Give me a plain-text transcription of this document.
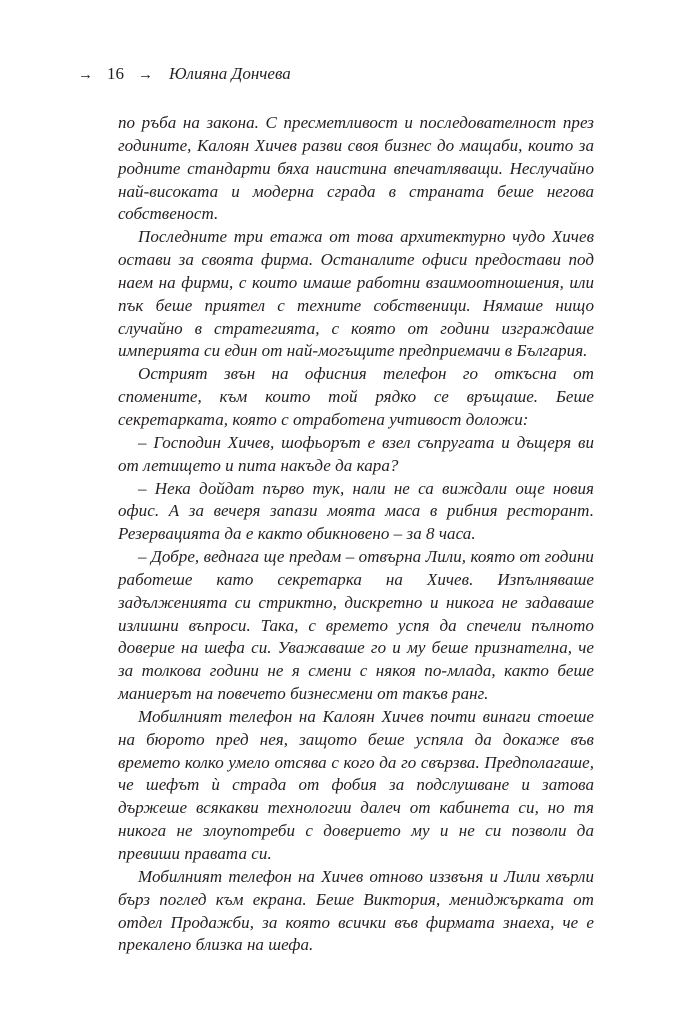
→ 16 → Юлияна Дончева

по ръба на закона. С пресметливост и последователност през годините, Калоян Хичев разви своя бизнес до мащаби, които за родните стандарти бяха наистина впечатляващи. Неслучайно най-високата и модерна сграда в страната беше негова собственост.

Последните три етажа от това архитектурно чудо Хичев остави за своята фирма. Останалите офиси предостави под наем на фирми, с които имаше работни взаимоотношения, или пък беше приятел с техните собственици. Нямаше нищо случайно в стратегията, с която от години изграждаше империята си един от най-могъщите предприемачи в България.

Острият звън на офисния телефон го откъсна от спомените, към които той рядко се връщаше. Беше секретарката, която с отработена учтивост доложи:

– Господин Хичев, шофьорът е взел съпругата и дъщеря ви от летището и пита накъде да кара?

– Нека дойдат първо тук, нали не са виждали още новия офис. А за вечеря запази моята маса в рибния ресторант. Резервацията да е както обикновено – за 8 часа.

– Добре, веднага ще предам – отвърна Лили, която от години работеше като секретарка на Хичев. Изпълняваше задълженията си стриктно, дискретно и никога не задаваше излишни въпроси. Така, с времето успя да спечели пълното доверие на шефа си. Уважаваше го и му беше признателна, че за толкова години не я смени с някоя по-млада, както беше маниерът на повечето бизнесмени от такъв ранг.

Мобилният телефон на Калоян Хичев почти винаги стоеше на бюрото пред нея, защото беше успяла да докаже във времето колко умело отсява с кого да го свързва. Предполагаше, че шефът ѝ страда от фобия за подслушване и затова държеше всякакви технологии далеч от кабинета си, но тя никога не злоупотреби с доверието му и не си позволи да превиши правата си.

Мобилният телефон на Хичев отново иззвъня и Лили хвърли бърз поглед към екрана. Беше Виктория, мениджърката от отдел Продажби, за която всички във фирмата знаеха, че е прекалено близка на шефа.
